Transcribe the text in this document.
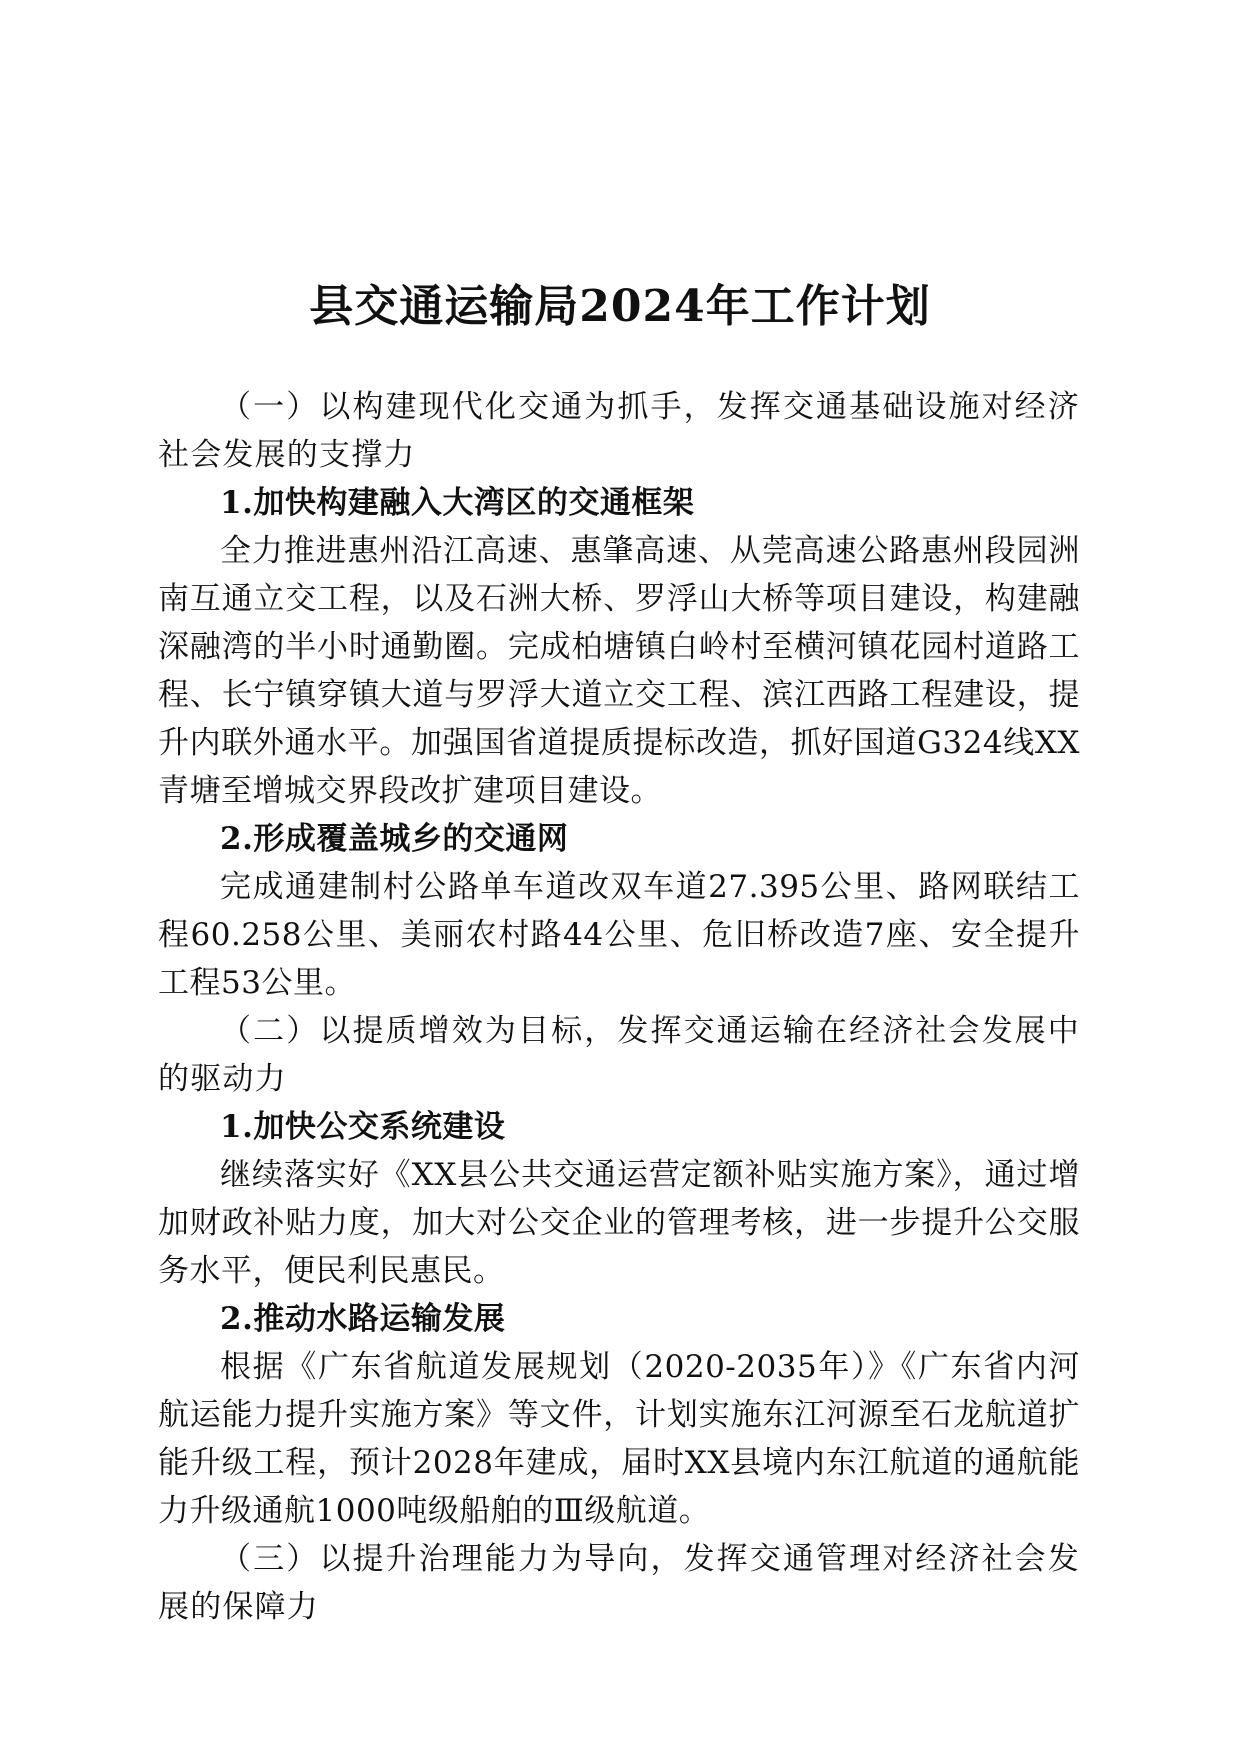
县交通运输局2024年工作计划

（一）以构建现代化交通为抓手，发挥交通基础设施对经济社会发展的支撑力

1.加快构建融入大湾区的交通框架

全力推进惠州沿江高速、惠肇高速、从莞高速公路惠州段园洲南互通立交工程，以及石洲大桥、罗浮山大桥等项目建设，构建融深融湾的半小时通勤圈。完成柏塘镇白岭村至横河镇花园村道路工程、长宁镇穿镇大道与罗浮大道立交工程、滨江西路工程建设，提升内联外通水平。加强国省道提质提标改造，抓好国道G324线XX青塘至增城交界段改扩建项目建设。

2.形成覆盖城乡的交通网

完成通建制村公路单车道改双车道27.395公里、路网联结工程60.258公里、美丽农村路44公里、危旧桥改造7座、安全提升工程53公里。

（二）以提质增效为目标，发挥交通运输在经济社会发展中的驱动力

1.加快公交系统建设

继续落实好《XX县公共交通运营定额补贴实施方案》，通过增加财政补贴力度，加大对公交企业的管理考核，进一步提升公交服务水平，便民利民惠民。

2.推动水路运输发展

根据《广东省航道发展规划（2020-2035年）》《广东省内河航运能力提升实施方案》等文件，计划实施东江河源至石龙航道扩能升级工程，预计2028年建成，届时XX县境内东江航道的通航能力升级通航1000吨级船舶的Ⅲ级航道。

（三）以提升治理能力为导向，发挥交通管理对经济社会发展的保障力
